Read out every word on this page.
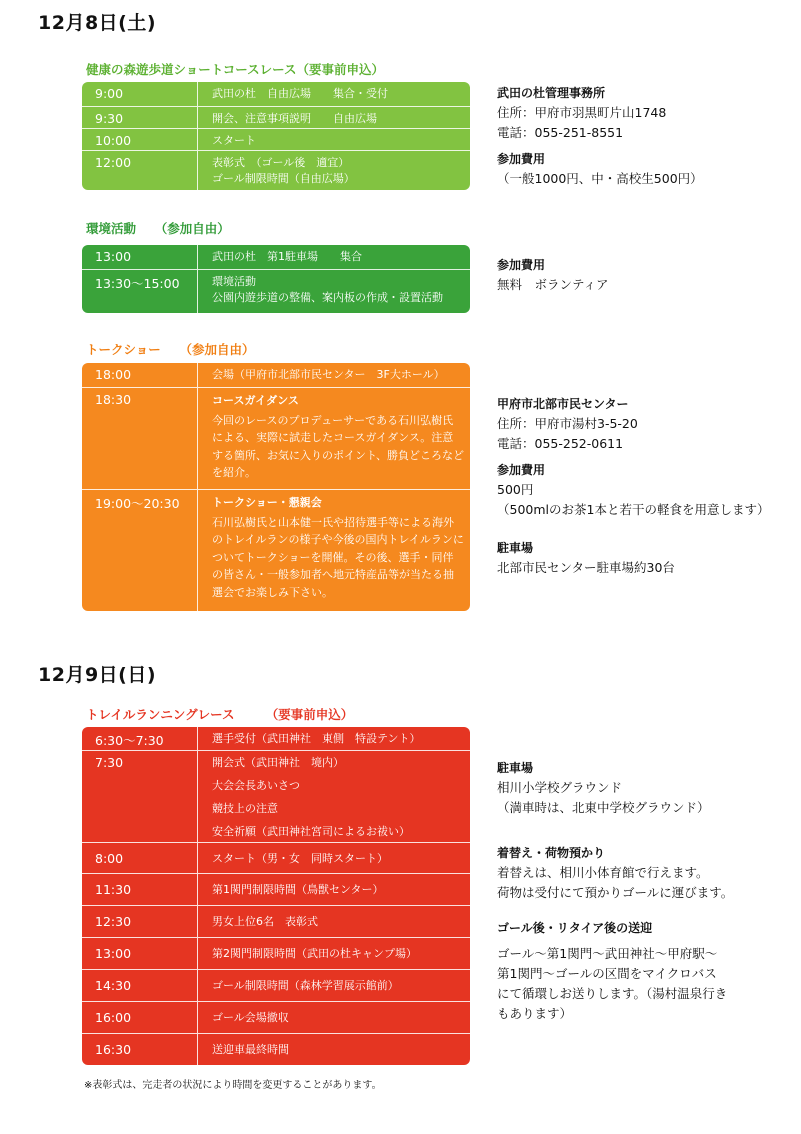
12月8日(土)
健康の森遊歩道ショートコースレース（要事前申込）
9:00	武田の杜　自由広場　　集合・受付
9:30	開会、注意事項説明　　自由広場
10:00	スタート
12:00	表彰式　（ゴール後　適宜）
ゴール制限時間（自由広場）
武田の杜管理事務所
住所：甲府市羽黒町片山1748
電話：055-251-8551
参加費用
（一般1000円、中・高校生500円）
環境活動　　（参加自由）
13:00	武田の杜　第1駐車場　　集合
13:30～15:00	環境活動
公園内遊歩道の整備、案内板の作成・設置活動
参加費用
無料　ボランティア
トークショー　　（参加自由）
18:00	会場（甲府市北部市民センター　3F大ホール）
18:30	コースガイダンス
今回のレースのプロデューサーである石川弘樹氏による、実際に試走したコースガイダンス。注意する箇所、お気に入りのポイント、勝負どころなどを紹介。
19:00～20:30	トークショー・懇親会
石川弘樹氏と山本健一氏や招待選手等による海外のトレイルランの様子や今後の国内トレイルランについてトークショーを開催。その後、選手・同伴の皆さん・一般参加者へ地元特産品等が当たる抽選会でお楽しみ下さい。
甲府市北部市民センター
住所：甲府市湯村3-5-20
電話：055-252-0611
参加費用
500円
（500mlのお茶1本と若干の軽食を用意します）
駐車場
北部市民センター駐車場約30台
12月9日(日)
トレイルランニングレース　　　（要事前申込）
6:30～7:30	選手受付（武田神社　東側　特設テント）
7:30	開会式（武田神社　境内）
大会会長あいさつ
競技上の注意
安全祈願（武田神社宮司によるお祓い）
8:00	スタート（男・女　同時スタート）
11:30	第1関門制限時間（鳥獣センター）
12:30	男女上位6名　表彰式
13:00	第2関門制限時間（武田の杜キャンプ場）
14:30	ゴール制限時間（森林学習展示館前）
16:00	ゴール会場撤収
16:30	送迎車最終時間
駐車場
相川小学校グラウンド
（満車時は、北東中学校グラウンド）
着替え・荷物預かり
着替えは、相川小体育館で行えます。
荷物は受付にて預かりゴールに運びます。
ゴール後・リタイア後の送迎
ゴール～第1関門～武田神社～甲府駅～
第1関門～ゴールの区間をマイクロバス
にて循環しお送りします。（湯村温泉行き
もあります）
※表彰式は、完走者の状況により時間を変更することがあります。
